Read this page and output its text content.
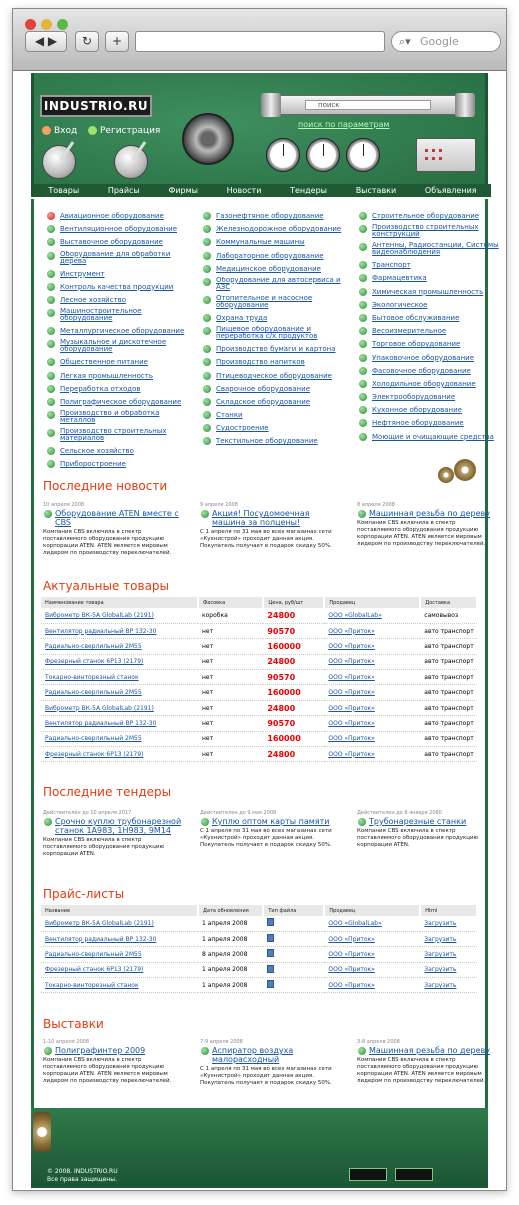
◀ ▶	↻	+	⌕▾ Google
INDUSTRIO.RU
Вход	Регистрация
поиск
поиск по параметрам
Товары	Прайсы	Фирмы	Новости	Тендеры	Выставки	Объявления
Авиационное оборудование
Вентиляционное оборудование
Выставочное оборудование
Оборудование для обработки дерева
Инструмент
Контроль качества продукции
Лесное хозяйство
Машиностроительное оборудование
Металлургическое оборудование
Музыкальное и дискотечное оборудование
Общественное питание
Легкая промышленность
Переработка отходов
Полиграфическое оборудование
Производство и обработка металлов
Производство строительных материалов
Сельское хозяйство
Приборостроение
Газонефтяное оборудование
Железнодорожное оборудование
Коммунальные машины
Лабораторное оборудование
Медицинское оборудование
Оборудование для автосервиса и АЗС
Отопительное и насосное оборудование
Охрана труда
Пищевое оборудование и переработка с/х продуктов
Производство бумаги и картона
Производство напитков
Птицеводческое оборудование
Сварочное оборудование
Складское оборудование
Станки
Судостроение
Текстильное оборудование
Строительное оборудование
Производство строительных конструкций
Антенны, Радиостанции, Системы видеонаблюдения
Транспорт
Фармацевтика
Химическая промышленность
Экологическое
Бытовое обслуживание
Весоизмерительное
Торговое оборудование
Упаковочное оборудование
Фасовочное оборудование
Холодильное оборудование
Электрооборудование
Кухонное оборудование
Нефтяное оборудование
Моющие и очищающие средства
Последние новости
10 апреля 2008
Оборудование ATEN вместе с CBS
Компания CBS включила в спектр поставляемого оборудования продукцию корпорации ATEN. ATEN является мировым лидером по производству переключателей.
9 апреля 2008
Акция! Посудомоечная машина за полцены!
С 1 апреля по 31 мая во всех магазинах сети «Кухнистрой» проходит данная акция. Покупатель получает в подарок скидку 50%.
8 апреля 2008
Машинная резьба по дереву
Компания CBS включила в спектр поставляемого оборудования продукцию корпорации ATEN. ATEN является мировым лидером по производству переключателей.
Актуальные товары
Наименование товара	Фасовка	Цена, руб/шт	Продавец	Доставка
Виброметр ВК-5А GlobalLab (2191)	коробка	24800	ООО «GlobalLab»	самовывоз
Вентилятор радиальный ВР 132-30	нет	90570	ООО «Приток»	авто транспорт
Радиально-сверлильный 2М55	нет	160000	ООО «Приток»	авто транспорт
Фрезерный станок 6Р13 (2179)	нет	24800	ООО «Приток»	авто транспорт
Токарно-винторезный станок	нет	90570	ООО «Приток»	авто транспорт
Радиально-сверлильный 2М55	нет	160000	ООО «Приток»	авто транспорт
Виброметр ВК-5А GlobalLab (2191)	нет	24800	ООО «Приток»	авто транспорт
Вентилятор радиальный ВР 132-30	нет	90570	ООО «Приток»	авто транспорт
Радиально-сверлильный 2М55	нет	160000	ООО «Приток»	авто транспорт
Фрезерный станок 6Р13 (2179)	нет	24800	ООО «Приток»	авто транспорт
Последние тендеры
Действителен до 10 апреля 2017
Срочно куплю трубонарезной станок 1А983, 1Н983, 9М14
Компания CBS включила в спектр поставляемого оборудования продукцию корпорации ATEN.
Действителен до 9 мая 2008
Куплю оптом карты памяти
С 1 апреля по 31 мая во всех магазинах сети «Кухнистрой» проходит данная акция. Покупатель получает в подарок скидку 50%.
Действителен до 8 января 2080
Трубонарезные станки
Компания CBS включила в спектр поставляемого оборудования продукцию корпорации ATEN.
Прайс-листы
Название	Дата обновления	Тип файла	Продавец	Html
Виброметр ВК-5А GlobalLab (2191)	1 апреля 2008		ООО «GlobalLab»	Загрузить
Вентилятор радиальный ВР 132-30	1 апреля 2008		ООО «Приток»	Загрузить
Радиально-сверлильный 2М55	8 апреля 2008		ООО «Приток»	Загрузить
Фрезерный станок 6Р13 (2179)	1 апреля 2008		ООО «Приток»	Загрузить
Токарно-винторезный станок	1 апреля 2008		ООО «Приток»	Загрузить
Выставки
1-10 апреля 2008
Полиграфинтер 2009
Компания CBS включила в спектр поставляемого оборудования продукцию корпорации ATEN. ATEN является мировым лидером по производству переключателей.
7-9 апреля 2008
Аспиратор воздуха малорасходный
С 1 апреля по 31 мая во всех магазинах сети «Кухнистрой» проходит данная акция. Покупатель получает в подарок скидку 50%.
3-8 апреля 2008
Машинная резьба по дереву
Компания CBS включила в спектр поставляемого оборудования продукцию корпорации ATEN. ATEN является мировым лидером по производству переключателей.
© 2008. INDUSTRIO.RU
Все права защищены.
